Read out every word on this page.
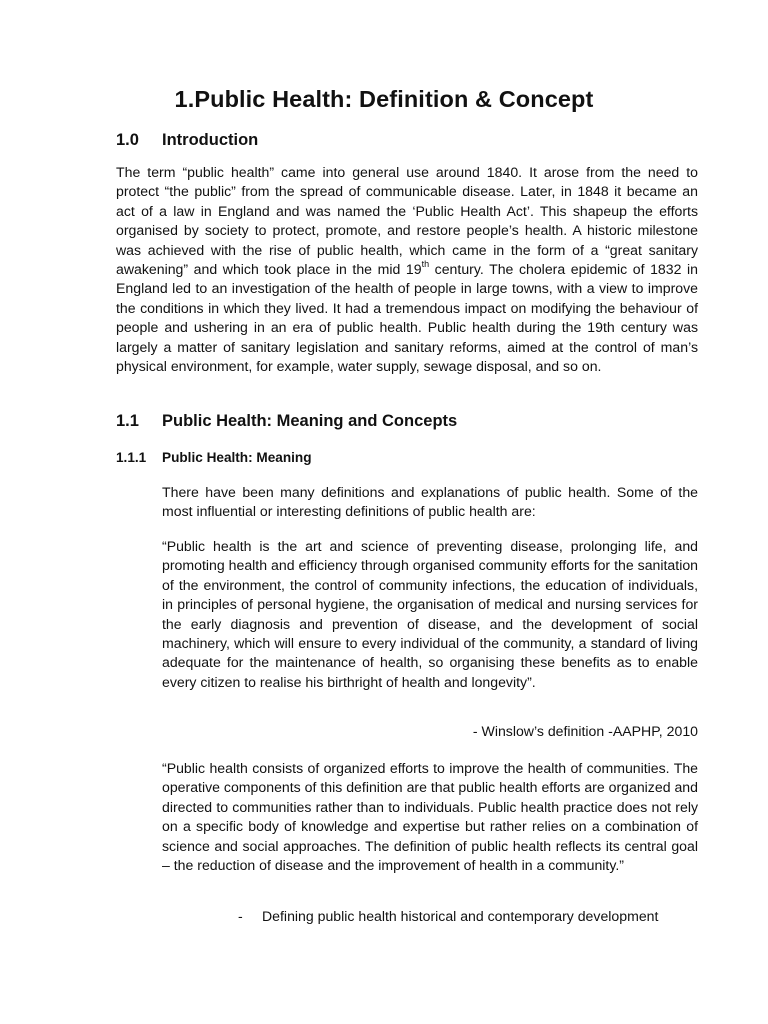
1.Public Health: Definition & Concept
1.0 Introduction

The term “public health” came into general use around 1840. It arose from the need to protect “the public” from the spread of communicable disease. Later, in 1848 it became an act of a law in England and was named the ‘Public Health Act’. This shapeup the efforts organised by society to protect, promote, and restore people’s health. A historic milestone was achieved with the rise of public health, which came in the form of a “great sanitary awakening” and which took place in the mid 19th century. The cholera epidemic of 1832 in England led to an investigation of the health of people in large towns, with a view to improve the conditions in which they lived. It had a tremendous impact on modifying the behaviour of people and ushering in an era of public health. Public health during the 19th century was largely a matter of sanitary legislation and sanitary reforms, aimed at the control of man’s physical environment, for example, water supply, sewage disposal, and so on.

1.1 Public Health: Meaning and Concepts
1.1.1 Public Health: Meaning

There have been many definitions and explanations of public health. Some of the most influential or interesting definitions of public health are:

“Public health is the art and science of preventing disease, prolonging life, and promoting health and efficiency through organised community efforts for the sanitation of the environment, the control of community infections, the education of individuals, in principles of personal hygiene, the organisation of medical and nursing services for the early diagnosis and prevention of disease, and the development of social machinery, which will ensure to every individual of the community, a standard of living adequate for the maintenance of health, so organising these benefits as to enable every citizen to realise his birthright of health and longevity”.

- Winslow’s definition -AAPHP, 2010

“Public health consists of organized efforts to improve the health of communities. The operative components of this definition are that public health efforts are organized and directed to communities rather than to individuals. Public health practice does not rely on a specific body of knowledge and expertise but rather relies on a combination of science and social approaches. The definition of public health reflects its central goal – the reduction of disease and the improvement of health in a community.”

- Defining public health historical and contemporary development
